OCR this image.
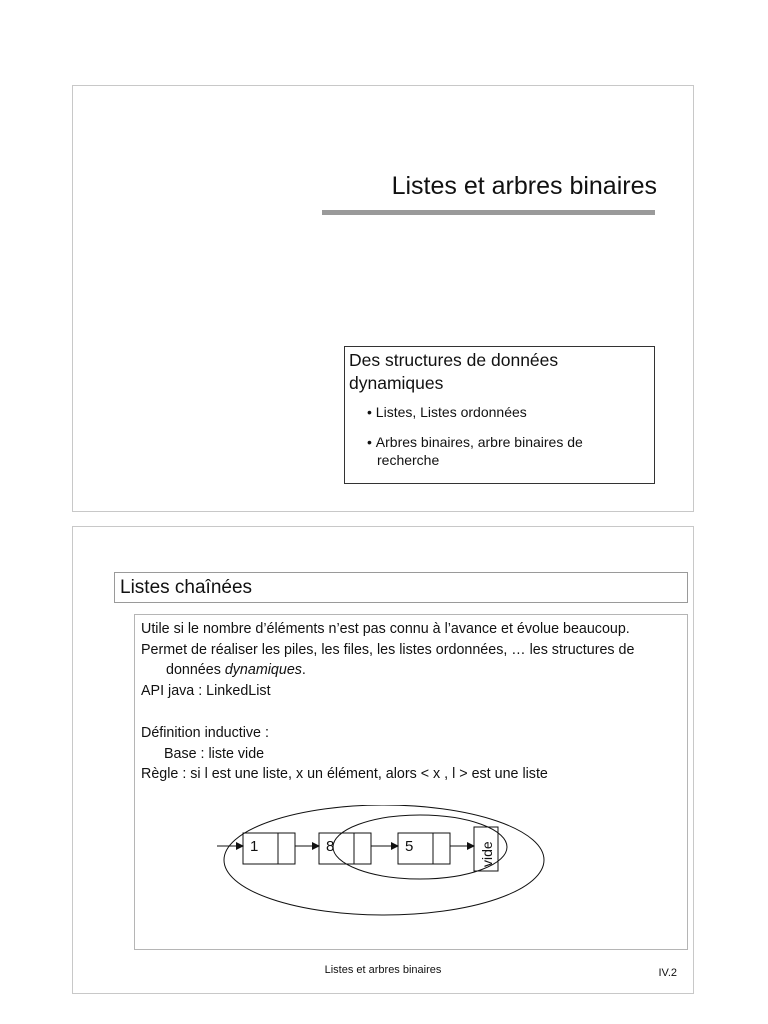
Listes et arbres binaires
Des structures de données dynamiques
• Listes, Listes ordonnées
• Arbres binaires, arbre binaires de recherche
Listes chaînées
Utile si le nombre d’éléments n’est pas connu à l’avance et évolue beaucoup.
Permet de réaliser les piles, les files, les listes ordonnées, … les structures de données dynamiques.
API java : LinkedList
Définition inductive :
Base : liste vide
Règle : si l est une liste, x un élément, alors < x , l > est une liste
1	8	5	vide
Listes et arbres binaires	IV.2
